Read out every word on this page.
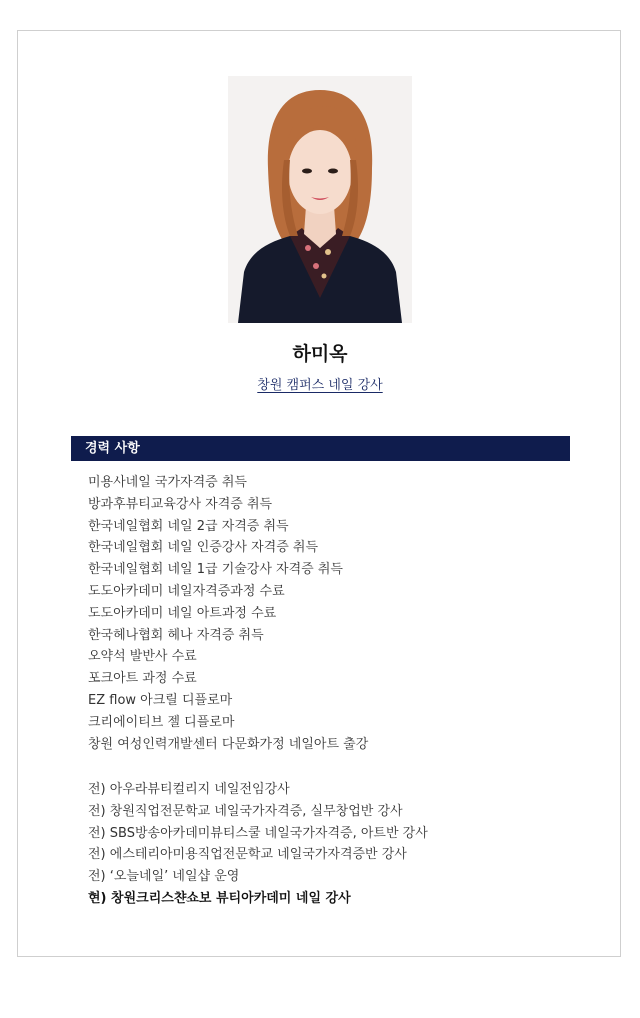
하미옥
창원 캠퍼스 네일 강사
경력 사항
미용사네일 국가자격증 취득
방과후뷰티교육강사 자격증 취득
한국네일협회 네일 2급 자격증 취득
한국네일협회 네일 인증강사 자격증 취득
한국네일협회 네일 1급 기술강사 자격증 취득
도도아카데미 네일자격증과정 수료
도도아카데미 네일 아트과정 수료
한국헤나협회 헤나 자격증 취득
오약석 발반사 수료
포크아트 과정 수료
EZ flow 아크릴 디플로마
크리에이티브 젤 디플로마
창원 여성인력개발센터 다문화가정 네일아트 출강
전) 아우라뷰티컬리지 네일전임강사
전) 창원직업전문학교 네일국가자격증, 실무창업반 강사
전) SBS방송아카데미뷰티스쿨 네일국가자격증, 아트반 강사
전) 에스테리아미용직업전문학교 네일국가자격증반 강사
전) ‘오늘네일’ 네일샵 운영
현) 창원크리스챤쇼보 뷰티아카데미 네일 강사
